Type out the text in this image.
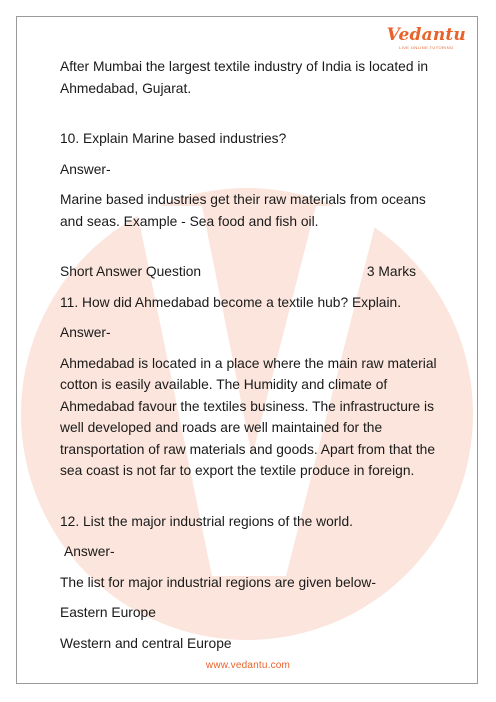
Vedantu
LIVE ONLINE TUTORING

After Mumbai the largest textile industry of India is located in Ahmedabad, Gujarat.

10. Explain Marine based industries?

Answer-

Marine based industries get their raw materials from oceans and seas. Example - Sea food and fish oil.

Short Answer Question	3 Marks

11. How did Ahmedabad become a textile hub? Explain.

Answer-

Ahmedabad is located in a place where the main raw material cotton is easily available. The Humidity and climate of Ahmedabad favour the textiles business. The infrastructure is well developed and roads are well maintained for the transportation of raw materials and goods. Apart from that the sea coast is not far to export the textile produce in foreign.

12. List the major industrial regions of the world.

Answer-

The list for major industrial regions are given below-

Eastern Europe

Western and central Europe

www.vedantu.com
